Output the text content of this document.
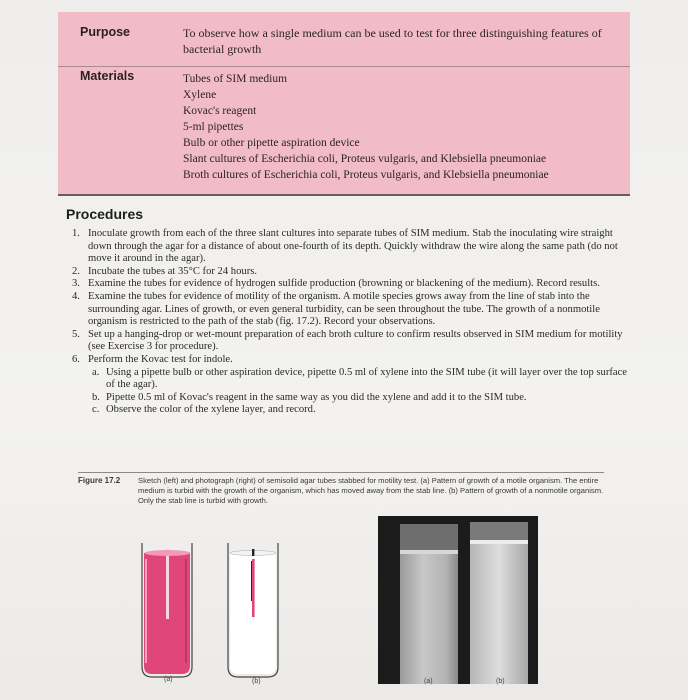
Purpose	To observe how a single medium can be used to test for three distinguishing features of bacterial growth
Materials	Tubes of SIM medium
Xylene
Kovac's reagent
5-ml pipettes
Bulb or other pipette aspiration device
Slant cultures of Escherichia coli, Proteus vulgaris, and Klebsiella pneumoniae
Broth cultures of Escherichia coli, Proteus vulgaris, and Klebsiella pneumoniae
Procedures
1. Inoculate growth from each of the three slant cultures into separate tubes of SIM medium. Stab the inoculating wire straight down through the agar for a distance of about one-fourth of its depth. Quickly withdraw the wire along the same path (do not move it around in the agar).
2. Incubate the tubes at 35°C for 24 hours.
3. Examine the tubes for evidence of hydrogen sulfide production (browning or blackening of the medium). Record results.
4. Examine the tubes for evidence of motility of the organism. A motile species grows away from the line of stab into the surrounding agar. Lines of growth, or even general turbidity, can be seen throughout the tube. The growth of a nonmotile organism is restricted to the path of the stab (fig. 17.2). Record your observations.
5. Set up a hanging-drop or wet-mount preparation of each broth culture to confirm results observed in SIM medium for motility (see Exercise 3 for procedure).
6. Perform the Kovac test for indole.
a. Using a pipette bulb or other aspiration device, pipette 0.5 ml of xylene into the SIM tube (it will layer over the top surface of the agar).
b. Pipette 0.5 ml of Kovac's reagent in the same way as you did the xylene and add it to the SIM tube.
c. Observe the color of the xylene layer, and record.
Figure 17.2 Sketch (left) and photograph (right) of semisolid agar tubes stabbed for motility test. (a) Pattern of growth of a motile organism. The entire medium is turbid with the growth of the organism, which has moved away from the stab line. (b) Pattern of growth of a nonmotile organism. Only the stab line is turbid with growth.
(a)	(b)	(a)	(b)
